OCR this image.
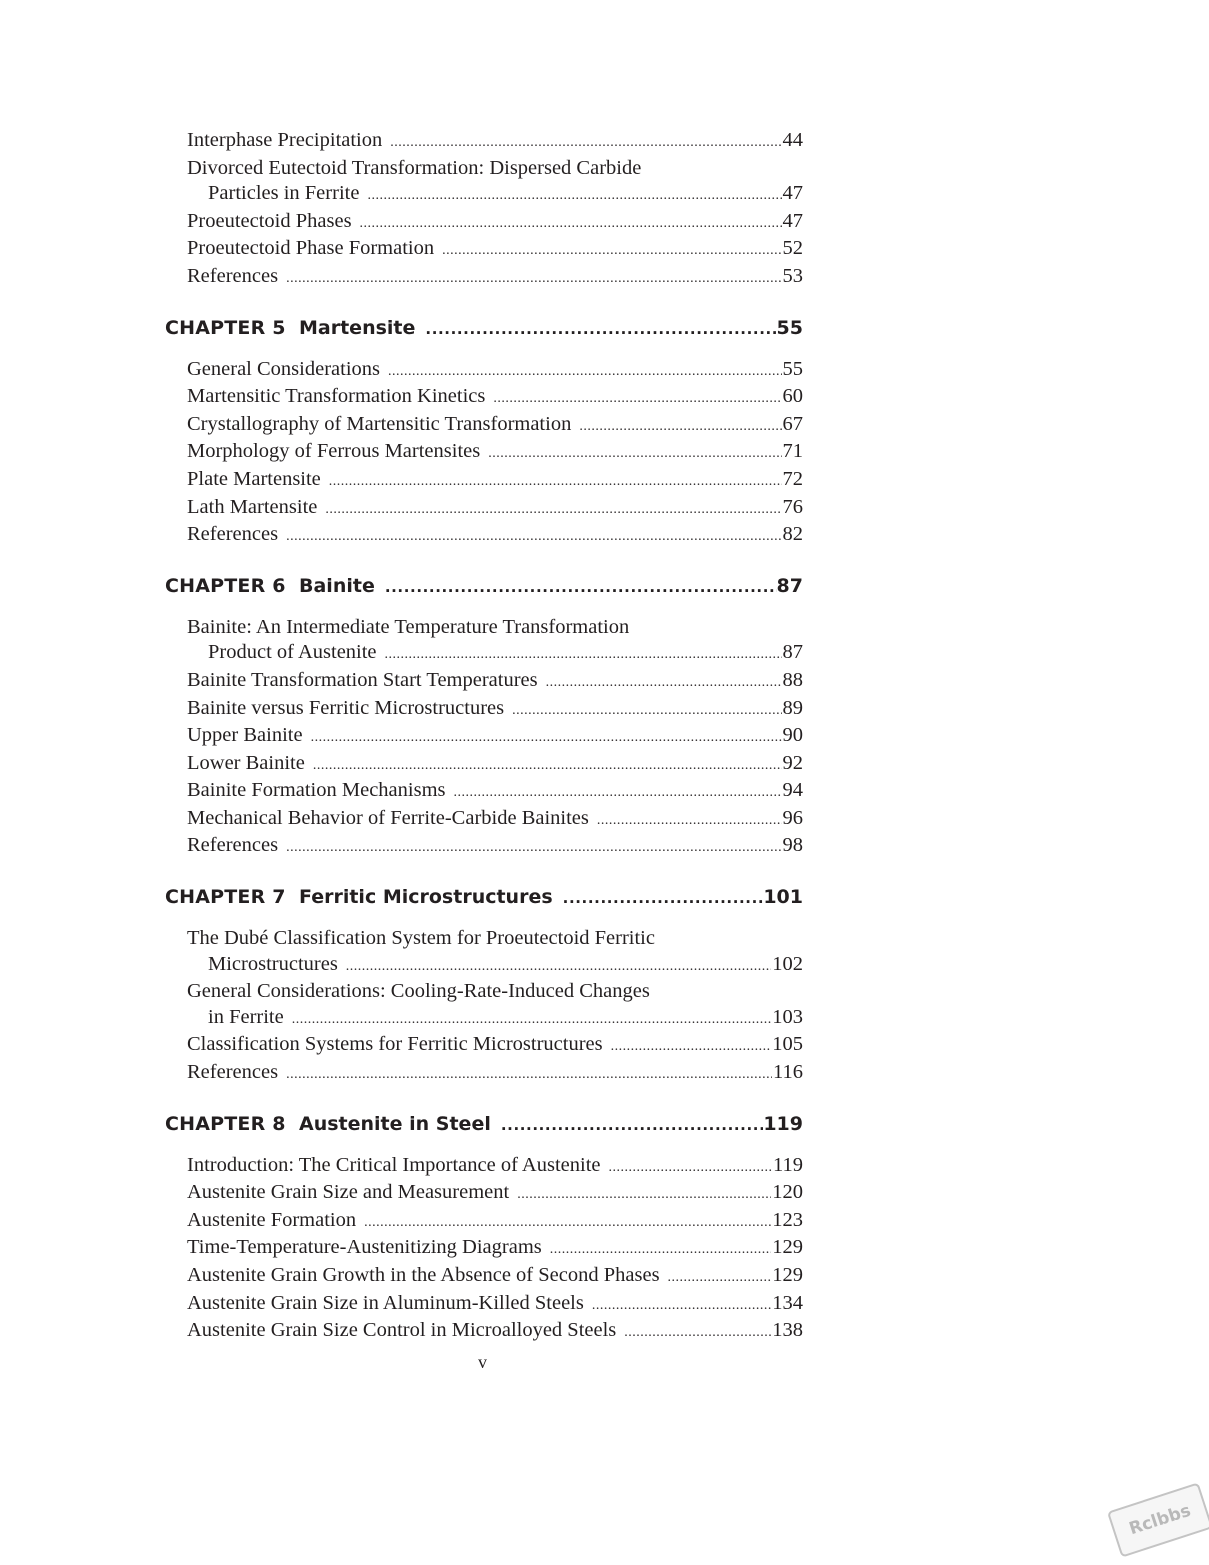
Interphase Precipitation .....	44
Divorced Eutectoid Transformation: Dispersed Carbide
Particles in Ferrite .....	47
Proeutectoid Phases .....	47
Proeutectoid Phase Formation .....	52
References .....	53
CHAPTER 5 Martensite .....	55
General Considerations .....	55
Martensitic Transformation Kinetics .....	60
Crystallography of Martensitic Transformation .....	67
Morphology of Ferrous Martensites .....	71
Plate Martensite .....	72
Lath Martensite .....	76
References .....	82
CHAPTER 6 Bainite .....	87
Bainite: An Intermediate Temperature Transformation
Product of Austenite .....	87
Bainite Transformation Start Temperatures .....	88
Bainite versus Ferritic Microstructures .....	89
Upper Bainite .....	90
Lower Bainite .....	92
Bainite Formation Mechanisms .....	94
Mechanical Behavior of Ferrite-Carbide Bainites .....	96
References .....	98
CHAPTER 7 Ferritic Microstructures .....	101
The Dubé Classification System for Proeutectoid Ferritic
Microstructures .....	102
General Considerations: Cooling-Rate-Induced Changes
in Ferrite .....	103
Classification Systems for Ferritic Microstructures .....	105
References .....	116
CHAPTER 8 Austenite in Steel .....	119
Introduction: The Critical Importance of Austenite .....	119
Austenite Grain Size and Measurement .....	120
Austenite Formation .....	123
Time-Temperature-Austenitizing Diagrams .....	129
Austenite Grain Growth in the Absence of Second Phases .....	129
Austenite Grain Size in Aluminum-Killed Steels .....	134
Austenite Grain Size Control in Microalloyed Steels .....	138
v
Rclbbs
